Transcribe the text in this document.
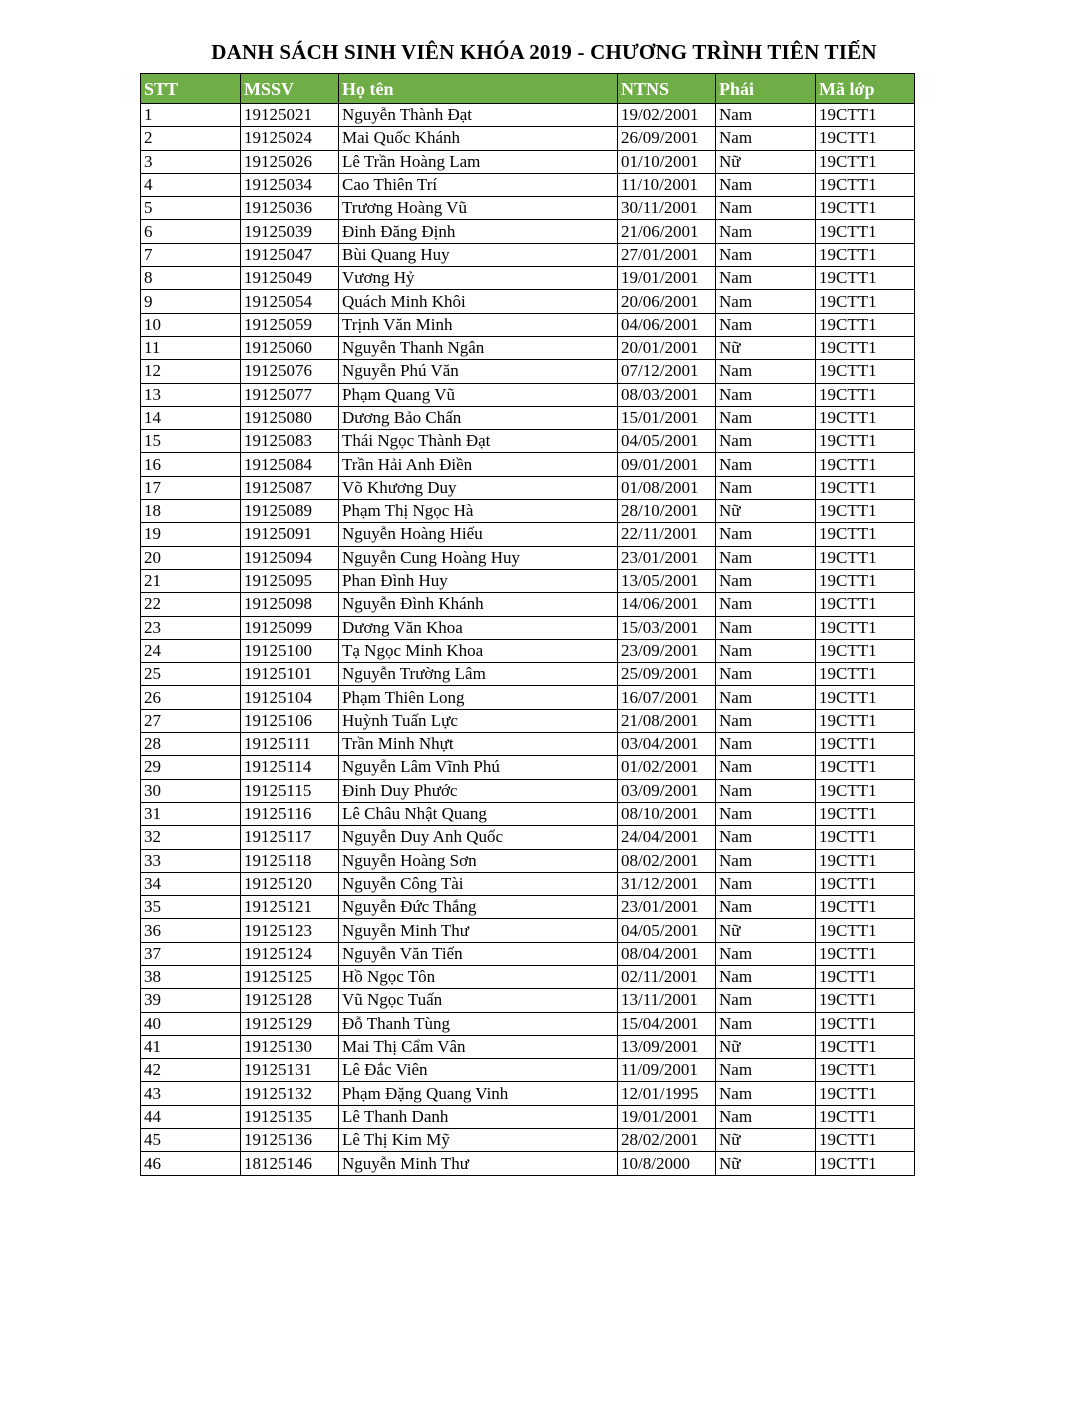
DANH SÁCH SINH VIÊN KHÓA 2019 - CHƯƠNG TRÌNH TIÊN TIẾN
STT	MSSV	Họ tên	NTNS	Phái	Mã lớp
1	19125021	Nguyễn Thành Đạt	19/02/2001	Nam	19CTT1
2	19125024	Mai Quốc Khánh	26/09/2001	Nam	19CTT1
3	19125026	Lê Trần Hoàng Lam	01/10/2001	Nữ	19CTT1
4	19125034	Cao Thiên Trí	11/10/2001	Nam	19CTT1
5	19125036	Trương Hoàng Vũ	30/11/2001	Nam	19CTT1
6	19125039	Đinh Đăng Định	21/06/2001	Nam	19CTT1
7	19125047	Bùi Quang Huy	27/01/2001	Nam	19CTT1
8	19125049	Vương Hỷ	19/01/2001	Nam	19CTT1
9	19125054	Quách Minh Khôi	20/06/2001	Nam	19CTT1
10	19125059	Trịnh Văn Minh	04/06/2001	Nam	19CTT1
11	19125060	Nguyễn Thanh Ngân	20/01/2001	Nữ	19CTT1
12	19125076	Nguyễn Phú Văn	07/12/2001	Nam	19CTT1
13	19125077	Phạm Quang Vũ	08/03/2001	Nam	19CTT1
14	19125080	Dương Bảo Chấn	15/01/2001	Nam	19CTT1
15	19125083	Thái Ngọc Thành Đạt	04/05/2001	Nam	19CTT1
16	19125084	Trần Hải Anh Điền	09/01/2001	Nam	19CTT1
17	19125087	Võ Khương Duy	01/08/2001	Nam	19CTT1
18	19125089	Phạm Thị Ngọc Hà	28/10/2001	Nữ	19CTT1
19	19125091	Nguyễn Hoàng Hiếu	22/11/2001	Nam	19CTT1
20	19125094	Nguyễn Cung Hoàng Huy	23/01/2001	Nam	19CTT1
21	19125095	Phan Đình Huy	13/05/2001	Nam	19CTT1
22	19125098	Nguyễn Đình Khánh	14/06/2001	Nam	19CTT1
23	19125099	Dương Văn Khoa	15/03/2001	Nam	19CTT1
24	19125100	Tạ Ngọc Minh Khoa	23/09/2001	Nam	19CTT1
25	19125101	Nguyễn Trường Lâm	25/09/2001	Nam	19CTT1
26	19125104	Phạm Thiên Long	16/07/2001	Nam	19CTT1
27	19125106	Huỳnh Tuấn Lực	21/08/2001	Nam	19CTT1
28	19125111	Trần Minh Nhựt	03/04/2001	Nam	19CTT1
29	19125114	Nguyễn Lâm Vĩnh Phú	01/02/2001	Nam	19CTT1
30	19125115	Đinh Duy Phước	03/09/2001	Nam	19CTT1
31	19125116	Lê Châu Nhật Quang	08/10/2001	Nam	19CTT1
32	19125117	Nguyễn Duy Anh Quốc	24/04/2001	Nam	19CTT1
33	19125118	Nguyễn Hoàng Sơn	08/02/2001	Nam	19CTT1
34	19125120	Nguyễn Công Tài	31/12/2001	Nam	19CTT1
35	19125121	Nguyễn Đức Thắng	23/01/2001	Nam	19CTT1
36	19125123	Nguyễn Minh Thư	04/05/2001	Nữ	19CTT1
37	19125124	Nguyễn Văn Tiến	08/04/2001	Nam	19CTT1
38	19125125	Hồ Ngọc Tôn	02/11/2001	Nam	19CTT1
39	19125128	Vũ Ngọc Tuấn	13/11/2001	Nam	19CTT1
40	19125129	Đỗ Thanh Tùng	15/04/2001	Nam	19CTT1
41	19125130	Mai Thị Cẩm Vân	13/09/2001	Nữ	19CTT1
42	19125131	Lê Đắc Viên	11/09/2001	Nam	19CTT1
43	19125132	Phạm Đặng Quang Vinh	12/01/1995	Nam	19CTT1
44	19125135	Lê Thanh Danh	19/01/2001	Nam	19CTT1
45	19125136	Lê Thị Kim Mỹ	28/02/2001	Nữ	19CTT1
46	18125146	Nguyễn Minh Thư	10/8/2000	Nữ	19CTT1
